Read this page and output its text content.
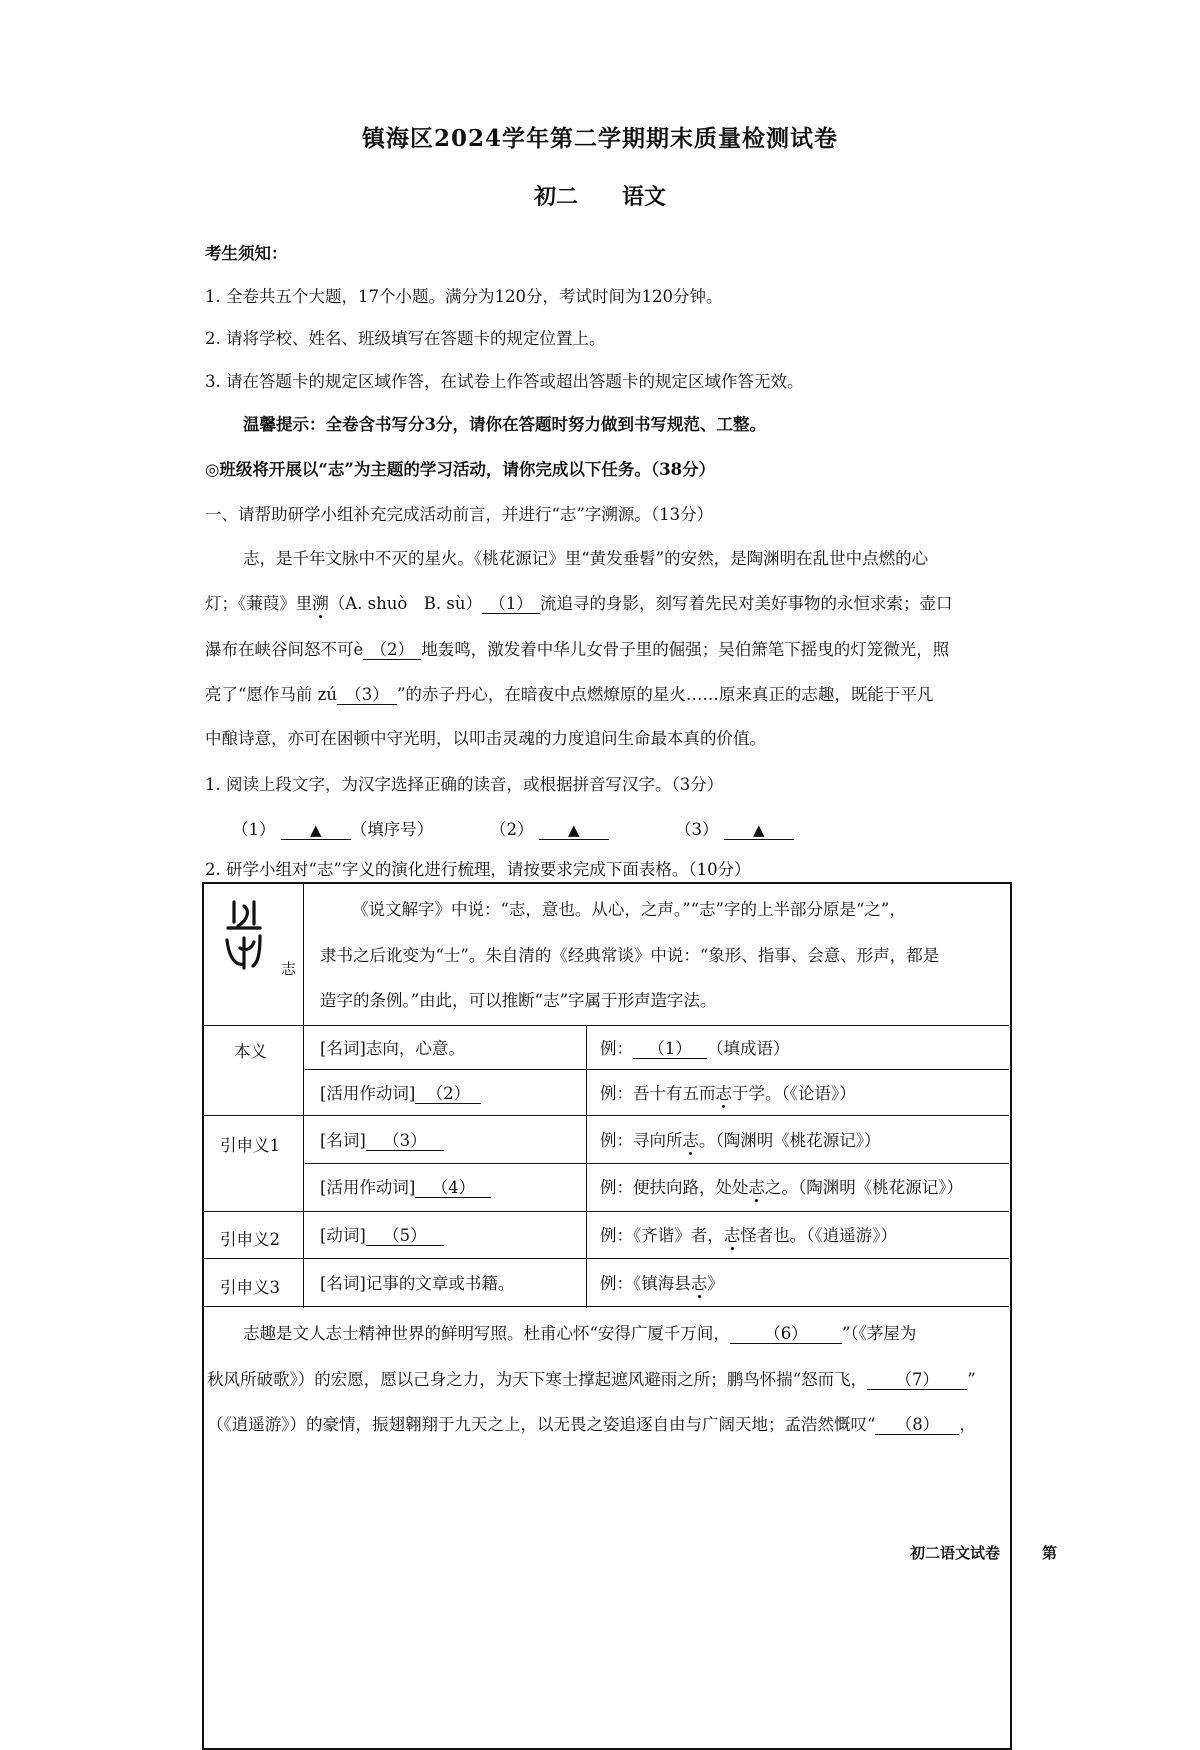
镇海区2024学年第二学期期末质量检测试卷
初二 语文
考生须知：
1. 全卷共五个大题，17个小题。满分为120分，考试时间为120分钟。
2. 请将学校、姓名、班级填写在答题卡的规定位置上。
3. 请在答题卡的规定区域作答，在试卷上作答或超出答题卡的规定区域作答无效。
温馨提示：全卷含书写分3分，请你在答题时努力做到书写规范、工整。
◎班级将开展以“志”为主题的学习活动，请你完成以下任务。（38分）
一、请帮助研学小组补充完成活动前言，并进行“志”字溯源。（13分）
志，是千年文脉中不灭的星火。《桃花源记》里“黄发垂髫”的安然，是陶渊明在乱世中点燃的心
灯；《蒹葭》里溯（A. shuò　B. sù） （1） 流追寻的身影，刻写着先民对美好事物的永恒求索；壶口
瀑布在峡谷间怒不可è （2） 地轰鸣，激发着中华儿女骨子里的倔强；吴伯箫笔下摇曳的灯笼微光，照
亮了“愿作马前 zú （3） ”的赤子丹心，在暗夜中点燃燎原的星火……原来真正的志趣，既能于平凡
中酿诗意，亦可在困顿中守光明，以叩击灵魂的力度追问生命最本真的价值。
1. 阅读上段文字，为汉字选择正确的读音，或根据拼音写汉字。（3分）
（1） ▲ （填序号）	（2） ▲	（3） ▲
2. 研学小组对“志”字义的演化进行梳理，请按要求完成下面表格。（10分）
志
《说文解字》中说：“志，意也。从心，之声。”“志”字的上半部分原是“之”，
隶书之后讹变为“士”。朱自清的《经典常谈》中说：“象形、指事、会意、形声，都是
造字的条例。”由此，可以推断“志”字属于形声造字法。
本义	[名词]志向，心意。	例： （1） （填成语）
[活用作动词] （2）	例：吾十有五而志于学。（《论语》）
引申义1 [名词] （3）	例：寻向所志。（陶渊明《桃花源记》）
[活用作动词] （4）	例：便扶向路，处处志之。（陶渊明《桃花源记》）
引申义2 [动词] （5）	例：《齐谐》者，志怪者也。（《逍遥游》）
引申义3 [名词]记事的文章或书籍。	例：《镇海县志》
志趣是文人志士精神世界的鲜明写照。杜甫心怀“安得广厦千万间， （6） ”（《茅屋为
秋风所破歌》）的宏愿，愿以己身之力，为天下寒士撑起遮风避雨之所；鹏鸟怀揣“怒而飞， （7） ”
（《逍遥游》）的豪情，振翅翱翔于九天之上，以无畏之姿追逐自由与广阔天地；孟浩然慨叹“ （8） ，
初二语文试卷	第
